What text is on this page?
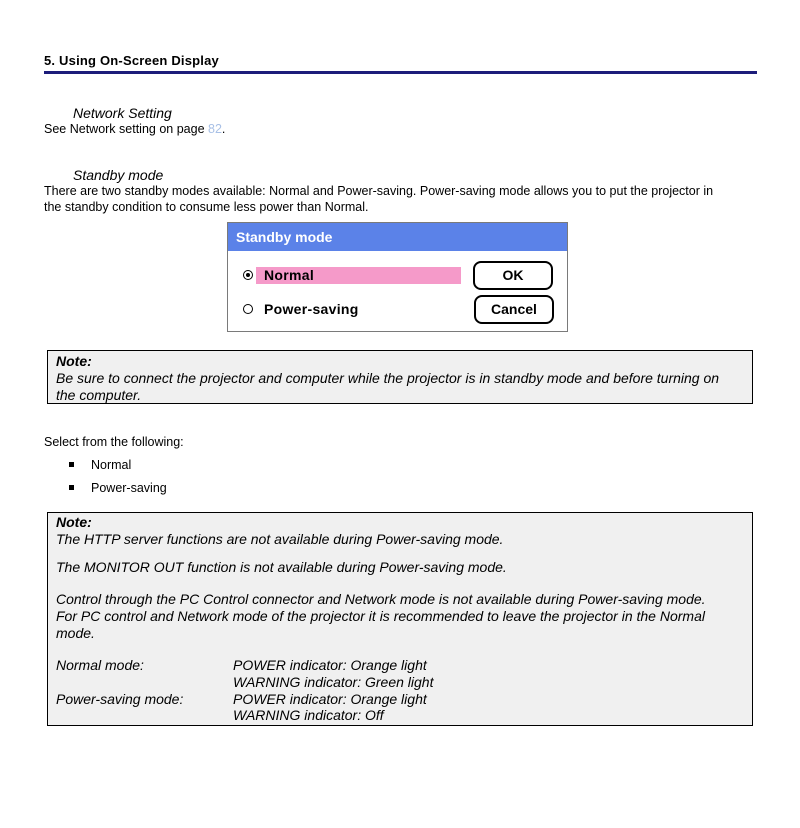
5. Using On-Screen Display
Network Setting
See Network setting on page 82.
Standby mode
There are two standby modes available: Normal and Power-saving. Power-saving mode allows you to put the projector in
the standby condition to consume less power than Normal.
Standby mode
Normal
Power-saving
OK
Cancel
Note:
Be sure to connect the projector and computer while the projector is in standby mode and before turning on
the computer.
Select from the following:
Normal
Power-saving
Note:
The HTTP server functions are not available during Power-saving mode.
The MONITOR OUT function is not available during Power-saving mode.
Control through the PC Control connector and Network mode is not available during Power-saving mode.
For PC control and Network mode of the projector it is recommended to leave the projector in the Normal
mode.
Normal mode:	POWER indicator: Orange light
WARNING indicator: Green light
Power-saving mode:	POWER indicator: Orange light
WARNING indicator: Off
